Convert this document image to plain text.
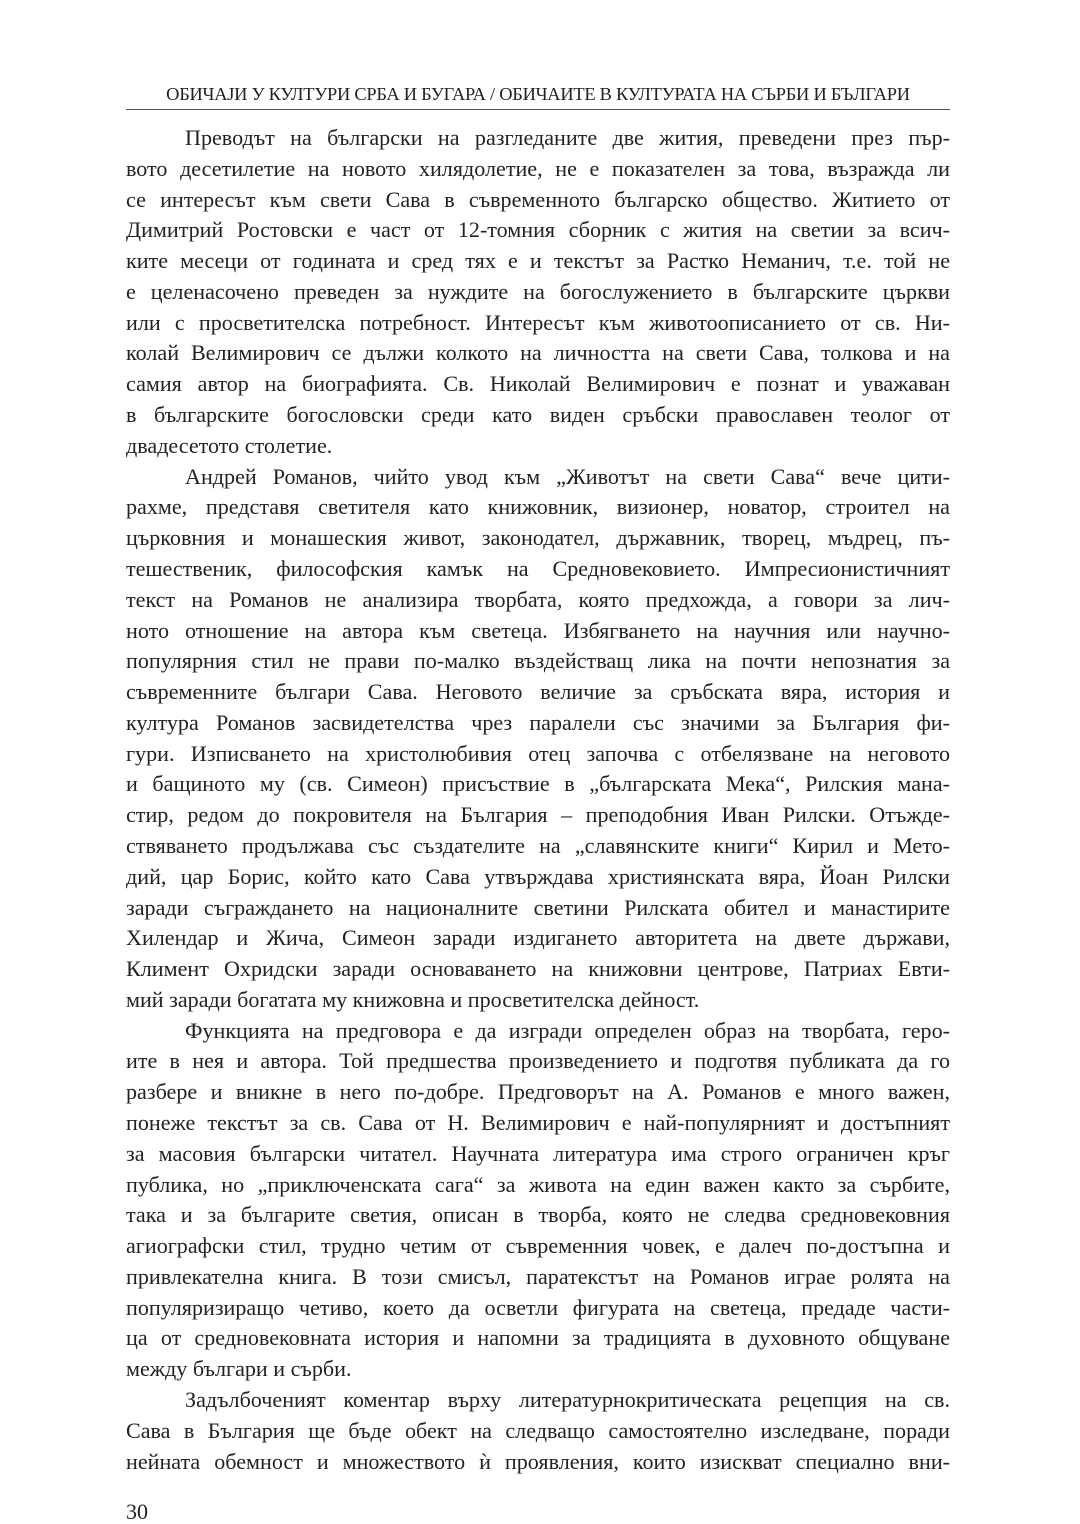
ОБИЧАЈИ У КУЛТУРИ СРБА И БУГАРА / ОБИЧАИТЕ В КУЛТУРАТА НА СЪРБИ И БЪЛГАРИ
Преводът на български на разгледаните две жития, преведени през пър-
вото десетилетие на новото хилядолетие, не е показателен за това, възражда ли
се интересът към свети Сава в съвременното българско общество. Житието от
Димитрий Ростовски е част от 12-томния сборник с жития на светии за всич-
ките месеци от годината и сред тях е и текстът за Растко Неманич, т.е. той не
е целенасочено преведен за нуждите на богослужението в българските църкви
или с просветителска потребност. Интересът към животоописанието от св. Ни-
колай Велимирович се дължи колкото на личността на свети Сава, толкова и на
самия автор на биографията. Св. Николай Велимирович е познат и уважаван
в българските богословски среди като виден сръбски православен теолог от
двадесетото столетие.
Андрей Романов, чийто увод към „Животът на свети Сава“ вече цити-
рахме, представя светителя като книжовник, визионер, новатор, строител на
църковния и монашеския живот, законодател, държавник, творец, мъдрец, пъ-
тешественик, философския камък на Средновековието. Импресионистичният
текст на Романов не анализира творбата, която предхожда, а говори за лич-
ното отношение на автора към светеца. Избягването на научния или научно-
популярния стил не прави по-малко въздействащ лика на почти непознатия за
съвременните българи Сава. Неговото величие за сръбската вяра, история и
култура Романов засвидетелства чрез паралели със значими за България фи-
гури. Изписването на христолюбивия отец започва с отбелязване на неговото
и бащиното му (св. Симеон) присъствие в „българската Мека“, Рилския мана-
стир, редом до покровителя на България – преподобния Иван Рилски. Отъжде-
ствяването продължава със създателите на „славянските книги“ Кирил и Мето-
дий, цар Борис, който като Сава утвърждава християнската вяра, Йоан Рилски
заради съграждането на националните светини Рилската обител и манастирите
Хилендар и Жича, Симеон заради издигането авторитета на двете държави,
Климент Охридски заради основаването на книжовни центрове, Патриах Евти-
мий заради богатата му книжовна и просветителска дейност.
Функцията на предговора е да изгради определен образ на творбата, геро-
ите в нея и автора. Той предшества произведението и подготвя публиката да го
разбере и вникне в него по-добре. Предговорът на А. Романов е много важен,
понеже текстът за св. Сава от Н. Велимирович е най-популярният и достъпният
за масовия български читател. Научната литература има строго ограничен кръг
публика, но „приключенската сага“ за живота на един важен както за сърбите,
така и за българите светия, описан в творба, която не следва средновековния
агиографски стил, трудно четим от съвременния човек, е далеч по-достъпна и
привлекателна книга. В този смисъл, паратекстът на Романов играе ролята на
популяризиращо четиво, което да осветли фигурата на светеца, предаде части-
ца от средновековната история и напомни за традицията в духовното общуване
между българи и сърби.
Задълбоченият коментар върху литературнокритическата рецепция на св.
Сава в България ще бъде обект на следващо самостоятелно изследване, поради
нейната обемност и множеството ѝ проявления, които изискват специално вни-
30
